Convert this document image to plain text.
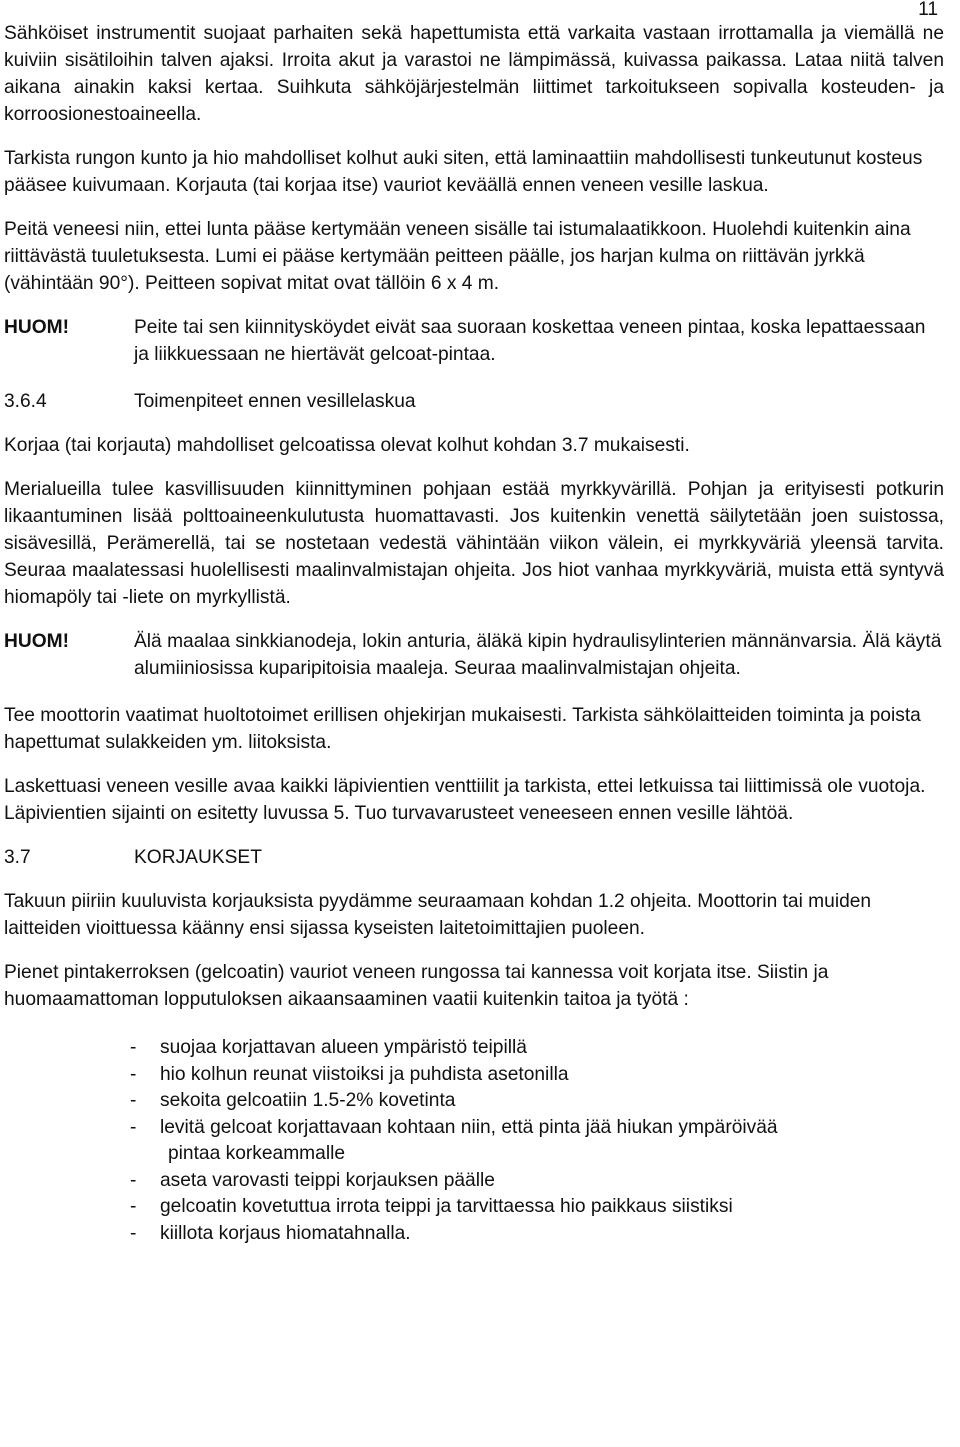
11

Sähköiset instrumentit suojaat parhaiten sekä hapettumista että varkaita vastaan irrottamalla ja viemällä ne kuiviin sisätiloihin talven ajaksi. Irroita akut ja varastoi ne lämpimässä, kuivassa paikassa. Lataa niitä talven aikana ainakin kaksi kertaa. Suihkuta sähköjärjestelmän liittimet tarkoitukseen sopivalla kosteuden- ja korroosionestoaineella.

Tarkista rungon kunto ja hio mahdolliset kolhut auki siten, että laminaattiin mahdollisesti tunkeutunut kosteus pääsee kuivumaan. Korjauta (tai korjaa itse) vauriot keväällä ennen veneen vesille laskua.

Peitä veneesi niin, ettei lunta pääse kertymään veneen sisälle tai istumalaatikkoon. Huolehdi kuitenkin aina riittävästä tuuletuksesta. Lumi ei pääse kertymään peitteen päälle, jos harjan kulma on riittävän jyrkkä (vähintään 90°). Peitteen sopivat mitat ovat tällöin 6 x 4 m.

HUOM!	Peite tai sen kiinnitysköydet eivät saa suoraan koskettaa veneen pintaa, koska lepattaessaan ja liikkuessaan ne hiertävät gelcoat-pintaa.
3.6.4	Toimenpiteet ennen vesillelaskua

Korjaa (tai korjauta) mahdolliset gelcoatissa olevat kolhut kohdan 3.7 mukaisesti.

Merialueilla tulee kasvillisuuden kiinnittyminen pohjaan estää myrkkyvärillä. Pohjan ja erityisesti potkurin likaantuminen lisää polttoaineenkulutusta huomattavasti. Jos kuitenkin venettä säilytetään joen suistossa, sisävesillä, Perämerellä, tai se nostetaan vedestä vähintään viikon välein, ei myrkkyväriä yleensä tarvita. Seuraa maalatessasi huolellisesti maalinvalmistajan ohjeita. Jos hiot vanhaa myrkkyväriä, muista että syntyvä hiomapöly tai -liete on myrkyllistä.

HUOM!	Älä maalaa sinkkianodeja, lokin anturia, äläkä kipin hydraulisylinterien männänvarsia. Älä käytä alumiiniosissa kuparipitoisia maaleja. Seuraa maalinvalmistajan ohjeita.

Tee moottorin vaatimat huoltotoimet erillisen ohjekirjan mukaisesti. Tarkista sähkölaitteiden toiminta ja poista hapettumat sulakkeiden ym. liitoksista.

Laskettuasi veneen vesille avaa kaikki läpivientien venttiilit ja tarkista, ettei letkuissa tai liittimissä ole vuotoja. Läpivientien sijainti on esitetty luvussa 5. Tuo turvavarusteet veneeseen ennen vesille lähtöä.

3.7	KORJAUKSET

Takuun piiriin kuuluvista korjauksista pyydämme seuraamaan kohdan 1.2 ohjeita. Moottorin tai muiden laitteiden vioittuessa käänny ensi sijassa kyseisten laitetoimittajien puoleen.

Pienet pintakerroksen (gelcoatin) vauriot veneen rungossa tai kannessa voit korjata itse. Siistin ja huomaamattoman lopputuloksen aikaansaaminen vaatii kuitenkin taitoa ja työtä :

-	suojaa korjattavan alueen ympäristö teipillä
-	hio kolhun reunat viistoiksi ja puhdista asetonilla
-	sekoita gelcoatiin 1.5-2% kovetinta
-	levitä gelcoat korjattavaan kohtaan niin, että pinta jää hiukan ympäröivää
pintaa korkeammalle
-	aseta varovasti teippi korjauksen päälle
-	gelcoatin kovetuttua irrota teippi ja tarvittaessa hio paikkaus siistiksi
-	kiillota korjaus hiomatahnalla.
